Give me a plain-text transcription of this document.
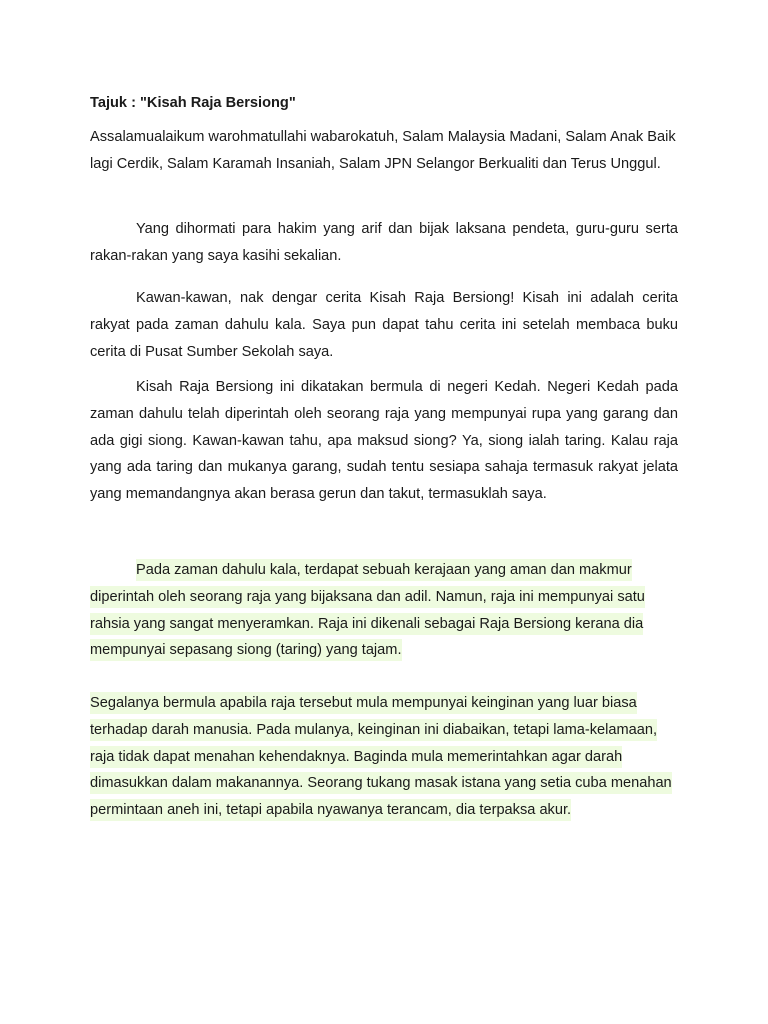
Tajuk : "Kisah Raja Bersiong"

Assalamualaikum warohmatullahi wabarokatuh, Salam Malaysia Madani, Salam Anak Baik lagi Cerdik, Salam Karamah Insaniah, Salam JPN Selangor Berkualiti dan Terus Unggul.

Yang dihormati para hakim yang arif dan bijak laksana pendeta, guru-guru serta rakan-rakan yang saya kasihi sekalian.

Kawan-kawan, nak dengar cerita Kisah Raja Bersiong! Kisah ini adalah cerita rakyat pada zaman dahulu kala. Saya pun dapat tahu cerita ini setelah membaca buku cerita di Pusat Sumber Sekolah saya.

Kisah Raja Bersiong ini dikatakan bermula di negeri Kedah. Negeri Kedah pada zaman dahulu telah diperintah oleh seorang raja yang mempunyai rupa yang garang dan ada gigi siong. Kawan-kawan tahu, apa maksud siong? Ya, siong ialah taring. Kalau raja yang ada taring dan mukanya garang, sudah tentu sesiapa sahaja termasuk rakyat jelata yang memandangnya akan berasa gerun dan takut, termasuklah saya.

Pada zaman dahulu kala, terdapat sebuah kerajaan yang aman dan makmur diperintah oleh seorang raja yang bijaksana dan adil. Namun, raja ini mempunyai satu rahsia yang sangat menyeramkan. Raja ini dikenali sebagai Raja Bersiong kerana dia mempunyai sepasang siong (taring) yang tajam.

Segalanya bermula apabila raja tersebut mula mempunyai keinginan yang luar biasa terhadap darah manusia. Pada mulanya, keinginan ini diabaikan, tetapi lama-kelamaan, raja tidak dapat menahan kehendaknya. Baginda mula memerintahkan agar darah dimasukkan dalam makanannya. Seorang tukang masak istana yang setia cuba menahan permintaan aneh ini, tetapi apabila nyawanya terancam, dia terpaksa akur.
